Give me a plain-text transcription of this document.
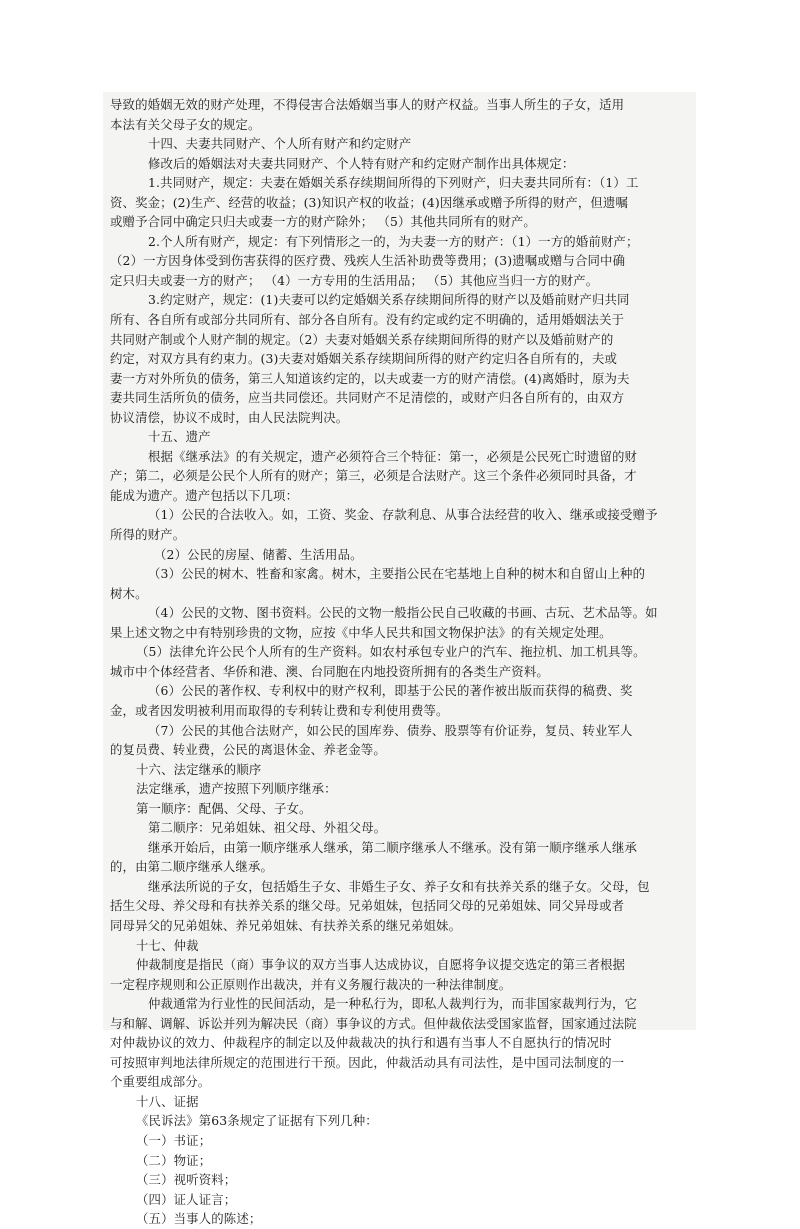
导致的婚姻无效的财产处理，不得侵害合法婚姻当事人的财产权益。当事人所生的子女，适用
本法有关父母子女的规定。
十四、夫妻共同财产、个人所有财产和约定财产
修改后的婚姻法对夫妻共同财产、个人特有财产和约定财产制作出具体规定：
1.共同财产，规定：夫妻在婚姻关系存续期间所得的下列财产，归夫妻共同所有：（1）工
资、奖金；(2)生产、经营的收益；(3)知识产权的收益；(4)因继承或赠予所得的财产，但遗嘱
或赠予合同中确定只归夫或妻一方的财产除外； （5）其他共同所有的财产。
2.个人所有财产，规定：有下列情形之一的，为夫妻一方的财产：（1）一方的婚前财产；
（2）一方因身体受到伤害获得的医疗费、残疾人生活补助费等费用；(3)遗嘱或赠与合同中确
定只归夫或妻一方的财产； （4）一方专用的生活用品； （5）其他应当归一方的财产。
3.约定财产，规定：(1)夫妻可以约定婚姻关系存续期间所得的财产以及婚前财产归共同
所有、各自所有或部分共同所有、部分各自所有。没有约定或约定不明确的，适用婚姻法关于
共同财产制或个人财产制的规定。（2）夫妻对婚姻关系存续期间所得的财产以及婚前财产的
约定，对双方具有约束力。(3)夫妻对婚姻关系存续期间所得的财产约定归各自所有的，夫或
妻一方对外所负的债务，第三人知道该约定的，以夫或妻一方的财产清偿。(4)离婚时，原为夫
妻共同生活所负的债务，应当共同偿还。共同财产不足清偿的，或财产归各自所有的，由双方
协议清偿，协议不成时，由人民法院判决。
十五、遗产
根据《继承法》的有关规定，遗产必须符合三个特征：第一，必须是公民死亡时遗留的财
产；第二，必须是公民个人所有的财产；第三，必须是合法财产。这三个条件必须同时具备，才
能成为遗产。遗产包括以下几项：
（1）公民的合法收入。如，工资、奖金、存款利息、从事合法经营的收入、继承或接受赠予
所得的财产。
（2）公民的房屋、储蓄、生活用品。
（3）公民的树木、牲畜和家禽。树木，主要指公民在宅基地上自种的树木和自留山上种的
树木。
（4）公民的文物、图书资料。公民的文物一般指公民自己收藏的书画、古玩、艺术品等。如
果上述文物之中有特别珍贵的文物，应按《中华人民共和国文物保护法》的有关规定处理。
（5）法律允许公民个人所有的生产资料。如农村承包专业户的汽车、拖拉机、加工机具等。
城市中个体经营者、华侨和港、澳、台同胞在内地投资所拥有的各类生产资料。
（6）公民的著作权、专利权中的财产权利，即基于公民的著作被出版而获得的稿费、奖
金，或者因发明被利用而取得的专利转让费和专利使用费等。
（7）公民的其他合法财产，如公民的国库券、债券、股票等有价证券，复员、转业军人
的复员费、转业费，公民的离退休金、养老金等。
十六、法定继承的顺序
法定继承，遗产按照下列顺序继承：
第一顺序：配偶、父母、子女。
第二顺序：兄弟姐妹、祖父母、外祖父母。
继承开始后，由第一顺序继承人继承，第二顺序继承人不继承。没有第一顺序继承人继承
的，由第二顺序继承人继承。
继承法所说的子女，包括婚生子女、非婚生子女、养子女和有扶养关系的继子女。父母，包
括生父母、养父母和有扶养关系的继父母。兄弟姐妹，包括同父母的兄弟姐妹、同父异母或者
同母异父的兄弟姐妹、养兄弟姐妹、有扶养关系的继兄弟姐妹。
十七、仲裁
仲裁制度是指民（商）事争议的双方当事人达成协议，自愿将争议提交选定的第三者根据
一定程序规则和公正原则作出裁决，并有义务履行裁决的一种法律制度。
仲裁通常为行业性的民间活动，是一种私行为，即私人裁判行为，而非国家裁判行为，它
与和解、调解、诉讼并列为解决民（商）事争议的方式。但仲裁依法受国家监督，国家通过法院
对仲裁协议的效力、仲裁程序的制定以及仲裁裁决的执行和遇有当事人不自愿执行的情况时
可按照审判地法律所规定的范围进行干预。因此，仲裁活动具有司法性，是中国司法制度的一
个重要组成部分。
十八、证据
《民诉法》第63条规定了证据有下列几种：
（一）书证；
（二）物证；
（三）视听资料；
（四）证人证言；
（五）当事人的陈述；
